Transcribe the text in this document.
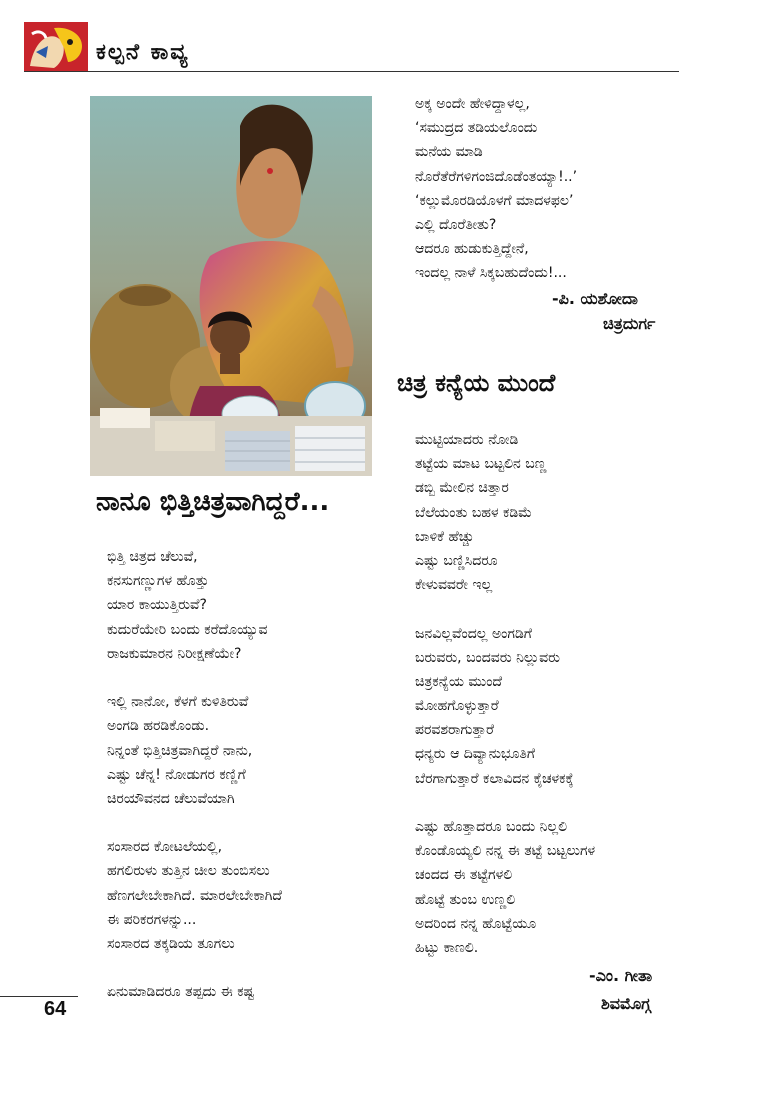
ಕಲ್ಪನೆ ಕಾವ್ಯ
ನಾನೂ ಭಿತ್ತಿಚಿತ್ರವಾಗಿದ್ದರೆ...
ಭಿತ್ತಿ ಚಿತ್ರದ ಚೆಲುವೆ,
ಕನಸುಗಣ್ಣುಗಳ ಹೊತ್ತು
ಯಾರ ಕಾಯುತ್ತಿರುವೆ?
ಕುದುರೆಯೇರಿ ಬಂದು ಕರೆದೊಯ್ಯುವ
ರಾಜಕುಮಾರನ ನಿರೀಕ್ಷಣೆಯೇ?
ಇಲ್ಲಿ ನಾನೋ, ಕೆಳಗೆ ಕುಳಿತಿರುವೆ
ಅಂಗಡಿ ಹರಡಿಕೊಂಡು.
ನಿನ್ನಂತೆ ಭಿತ್ತಿಚಿತ್ರವಾಗಿದ್ದರೆ ನಾನು,
ಎಷ್ಟು ಚೆನ್ನ! ನೋಡುಗರ ಕಣ್ಣಿಗೆ
ಚಿರಯೌವನದ ಚೆಲುವೆಯಾಗಿ
ಸಂಸಾರದ ಕೋಟಲೆಯಲ್ಲಿ,
ಹಗಲಿರುಳು ತುತ್ತಿನ ಚೀಲ ತುಂಬಿಸಲು
ಹೆಣಗಲೇಬೇಕಾಗಿದೆ. ಮಾರಲೇಬೇಕಾಗಿದೆ
ಈ ಪರಿಕರಗಳನ್ನು...
ಸಂಸಾರದ ತಕ್ಕಡಿಯ ತೂಗಲು
ಏನುಮಾಡಿದರೂ ತಪ್ಪದು ಈ ಕಷ್ಟ
ಅಕ್ಕ ಅಂದೇ ಹೇಳಿದ್ದಾಳಲ್ಲ,
‘ಸಮುದ್ರದ ತಡಿಯಲೊಂದು
ಮನೆಯ ಮಾಡಿ
ನೊರೆತೆರೆಗಳಿಗಂಜಿದೊಡೆಂತಯ್ಯಾ!..’
‘ಕಲ್ಲುಮೊರಡಿಯೊಳಗೆ ಮಾದಳಫಲ’
ಎಲ್ಲಿ ದೊರೆತೀತು?
ಆದರೂ ಹುಡುಕುತ್ತಿದ್ದೇನೆ,
ಇಂದಲ್ಲ ನಾಳೆ ಸಿಕ್ಕಬಹುದೆಂದು!...
-ಪಿ. ಯಶೋದಾ
ಚಿತ್ರದುರ್ಗ
ಚಿತ್ರ ಕನ್ಯೆಯ ಮುಂದೆ
ಮುಟ್ಟಿಯಾದರು ನೋಡಿ
ತಟ್ಟೆಯ ಮಾಟ ಬಟ್ಟಲಿನ ಬಣ್ಣ
ಡಬ್ಬಿ ಮೇಲಿನ ಚಿತ್ತಾರ
ಬೆಲೆಯಂತು ಬಹಳ ಕಡಿಮೆ
ಬಾಳಿಕೆ ಹೆಚ್ಚು
ಎಷ್ಟು ಬಣ್ಣಿಸಿದರೂ
ಕೇಳುವವರೇ ಇಲ್ಲ
ಜನವಿಲ್ಲವೆಂದಲ್ಲ ಅಂಗಡಿಗೆ
ಬರುವರು, ಬಂದವರು ನಿಲ್ಲುವರು
ಚಿತ್ರಕನ್ಯೆಯ ಮುಂದೆ
ಮೋಹಗೊಳ್ಳುತ್ತಾರೆ
ಪರವಶರಾಗುತ್ತಾರೆ
ಧನ್ಯರು ಆ ದಿವ್ಯಾನುಭೂತಿಗೆ
ಬೆರಗಾಗುತ್ತಾರೆ ಕಲಾವಿದನ ಕೈಚಳಕಕ್ಕೆ
ಎಷ್ಟು ಹೊತ್ತಾದರೂ ಬಂದು ನಿಲ್ಲಲಿ
ಕೊಂಡೊಯ್ಯಲಿ ನನ್ನ ಈ ತಟ್ಟೆ ಬಟ್ಟಲುಗಳ
ಚಂದದ ಈ ತಟ್ಟೆಗಳಲಿ
ಹೊಟ್ಟೆ ತುಂಬ ಉಣ್ಣಲಿ
ಅದರಿಂದ ನನ್ನ ಹೊಟ್ಟೆಯೂ
ಹಿಟ್ಟು ಕಾಣಲಿ.
-ಎಂ. ಗೀತಾ
ಶಿವಮೊಗ್ಗ
64
